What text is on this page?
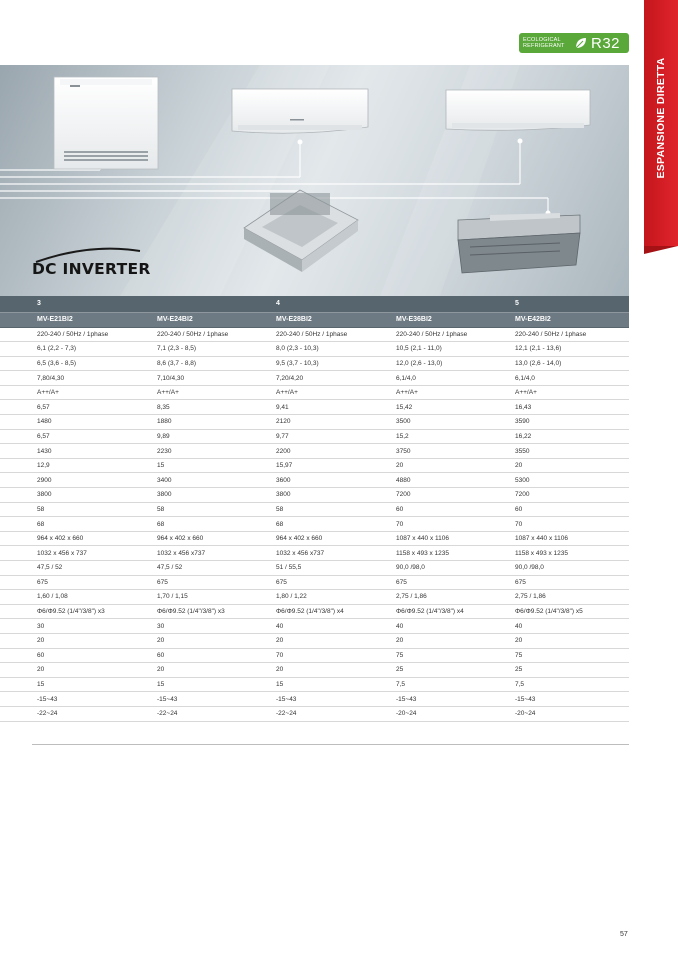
ECOLOGICAL
REFRIGERANT	R32
ESPANSIONE DIRETTA
DC INVERTER
3		4		5
MV-E21BI2	MV-E24BI2	MV-E28BI2	MV-E36BI2	MV-E42BI2
220-240 / 50Hz / 1phase	220-240 / 50Hz / 1phase	220-240 / 50Hz / 1phase	220-240 / 50Hz / 1phase	220-240 / 50Hz / 1phase
6,1 (2,2 - 7,3)	7,1 (2,3 - 8,5)	8,0 (2,3 - 10,3)	10,5 (2,1 - 11,0)	12,1 (2,1 - 13,6)
6,5 (3,6 - 8,5)	8,6 (3,7 - 8,8)	9,5 (3,7 - 10,3)	12,0 (2,6 - 13,0)	13,0 (2,6 - 14,0)
7,80/4,30	7,10/4,30	7,20/4,20	6,1/4,0	6,1/4,0
A++/A+	A++/A+	A++/A+	A++/A+	A++/A+
6,57	8,35	9,41	15,42	16,43
1480	1880	2120	3500	3590
6,57	9,89	9,77	15,2	16,22
1430	2230	2200	3750	3550
12,9	15	15,97	20	20
2900	3400	3600	4880	5300
3800	3800	3800	7200	7200
58	58	58	60	60
68	68	68	70	70
964 x 402 x 660	964 x 402 x 660	964 x 402 x 660	1087 x 440 x 1106	1087 x 440 x 1106
1032 x 456 x 737	1032 x 456 x737	1032 x 456 x737	1158 x 493 x 1235	1158 x 493 x 1235
47,5 / 52	47,5 / 52	51 / 55,5	90,0 /98,0	90,0 /98,0
675	675	675	675	675
1,60 / 1,08	1,70 / 1,15	1,80 / 1,22	2,75 / 1,86	2,75 / 1,86
Φ6/Φ9.52 (1/4"/3/8") x3	Φ6/Φ9.52 (1/4"/3/8") x3	Φ6/Φ9.52 (1/4"/3/8") x4	Φ6/Φ9.52 (1/4"/3/8") x4	Φ6/Φ9.52 (1/4"/3/8") x5
30	30	40	40	40
20	20	20	20	20
60	60	70	75	75
20	20	20	25	25
15	15	15	7,5	7,5
-15~43	-15~43	-15~43	-15~43	-15~43
-22~24	-22~24	-22~24	-20~24	-20~24
57
